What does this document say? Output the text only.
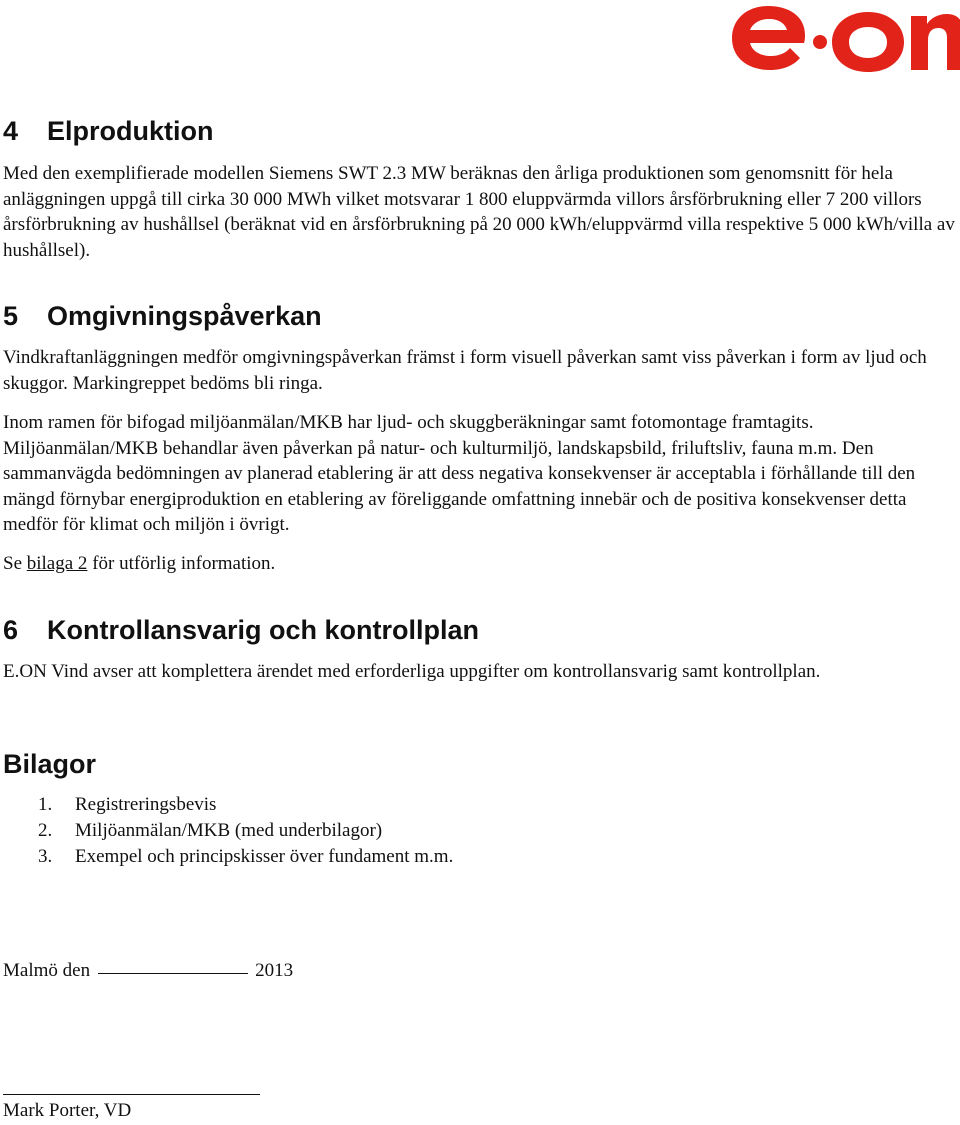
4 Elproduktion

Med den exemplifierade modellen Siemens SWT 2.3 MW beräknas den årliga produktionen som genomsnitt för hela anläggningen uppgå till cirka 30 000 MWh vilket motsvarar 1 800 eluppvärmda villors årsförbrukning eller 7 200 villors årsförbrukning av hushållsel (beräknat vid en årsförbrukning på 20 000 kWh/eluppvärmd villa respektive 5 000 kWh/villa av hushållsel).

5 Omgivningspåverkan

Vindkraftanläggningen medför omgivningspåverkan främst i form visuell påverkan samt viss påverkan i form av ljud och skuggor. Markingreppet bedöms bli ringa.

Inom ramen för bifogad miljöanmälan/MKB har ljud- och skuggberäkningar samt fotomontage framtagits. Miljöanmälan/MKB behandlar även påverkan på natur- och kulturmiljö, landskapsbild, friluftsliv, fauna m.m. Den sammanvägda bedömningen av planerad etablering är att dess negativa konsekvenser är acceptabla i förhållande till den mängd förnybar energiproduktion en etablering av föreliggande omfattning innebär och de positiva konsekvenser detta medför för klimat och miljön i övrigt.

Se bilaga 2 för utförlig information.

6 Kontrollansvarig och kontrollplan

E.ON Vind avser att komplettera ärendet med erforderliga uppgifter om kontrollansvarig samt kontrollplan.

Bilagor
1. Registreringsbevis
2. Miljöanmälan/MKB (med underbilagor)
3. Exempel och principskisser över fundament m.m.

Malmö den	2013

Mark Porter, VD
